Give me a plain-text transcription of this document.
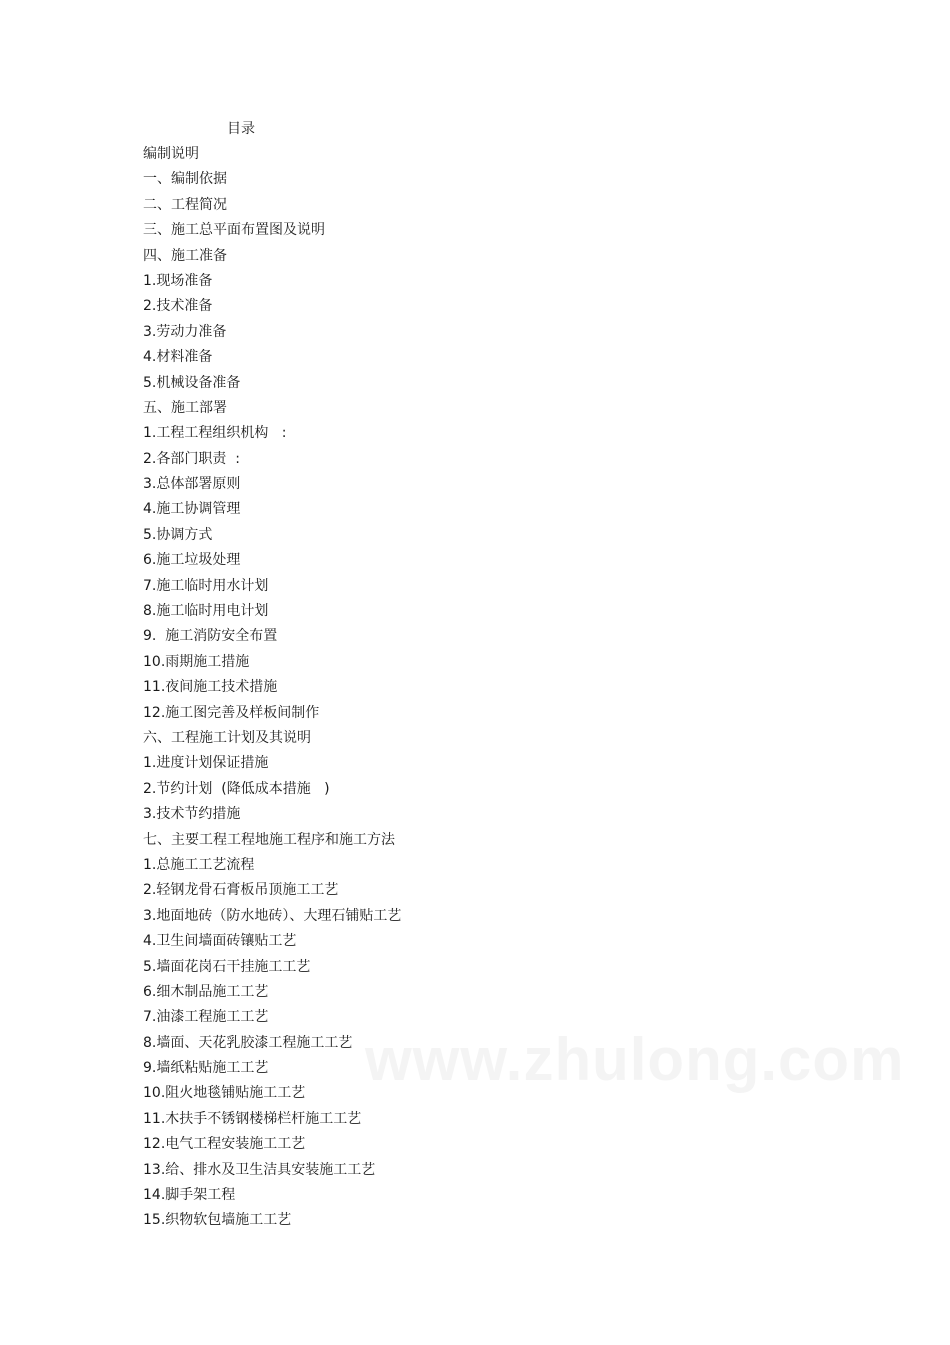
目录
编制说明
一、编制依据
二、工程简况
三、施工总平面布置图及说明
四、施工准备
1.现场准备
2.技术准备
3.劳动力准备
4.材料准备
5.机械设备准备
五、施工部署
1.工程工程组织机构   :
2.各部门职责  :
3.总体部署原则
4.施工协调管理
5.协调方式
6.施工垃圾处理
7.施工临时用水计划
8.施工临时用电计划
9.  施工消防安全布置
10.雨期施工措施
11.夜间施工技术措施
12.施工图完善及样板间制作
六、工程施工计划及其说明
1.进度计划保证措施
2.节约计划  (降低成本措施   )
3.技术节约措施
七、主要工程工程地施工程序和施工方法
1.总施工工艺流程
2.轻钢龙骨石膏板吊顶施工工艺
3.地面地砖（防水地砖）、大理石铺贴工艺
4.卫生间墙面砖镶贴工艺
5.墙面花岗石干挂施工工艺
6.细木制品施工工艺
7.油漆工程施工工艺
8.墙面、天花乳胶漆工程施工工艺
9.墙纸粘贴施工工艺
10.阻火地毯铺贴施工工艺
11.木扶手不锈钢楼梯栏杆施工工艺
12.电气工程安装施工工艺
13.给、排水及卫生洁具安装施工工艺
14.脚手架工程
15.织物软包墙施工工艺
www.zhulong.com
